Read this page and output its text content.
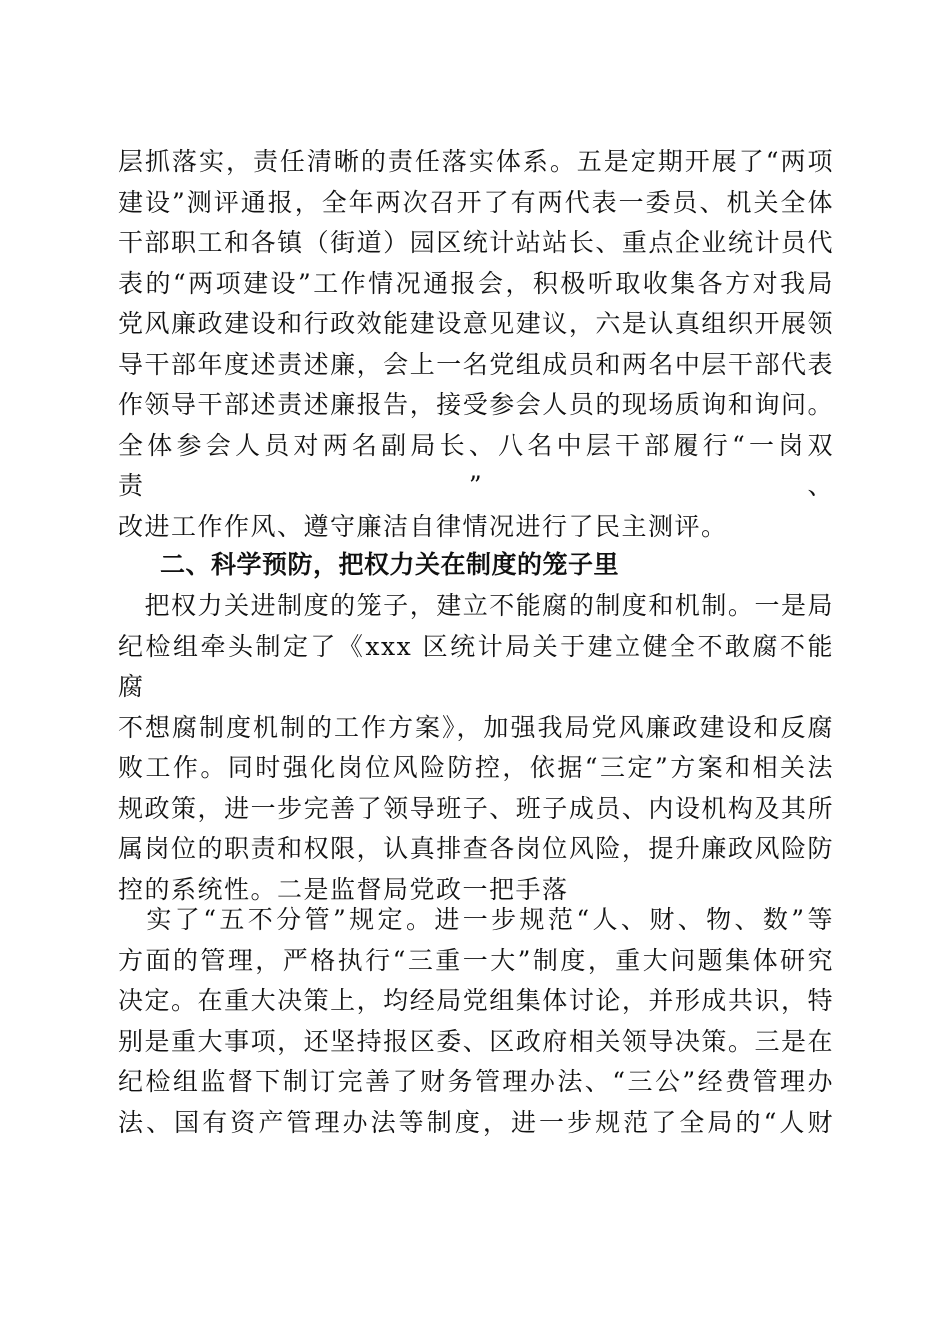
层抓落实，责任清晰的责任落实体系。五是定期开展了“两项
建设”测评通报，全年两次召开了有两代表一委员、机关全体
干部职工和各镇（街道）园区统计站站长、重点企业统计员代
表的“两项建设”工作情况通报会，积极听取收集各方对我局
党风廉政建设和行政效能建设意见建议，六是认真组织开展领
导干部年度述责述廉，会上一名党组成员和两名中层干部代表
作领导干部述责述廉报告，接受参会人员的现场质询和询问。
全体参会人员对两名副局长、八名中层干部履行“一岗双责”、
改进工作作风、遵守廉洁自律情况进行了民主测评。
二、科学预防，把权力关在制度的笼子里
　把权力关进制度的笼子，建立不能腐的制度和机制。一是局
纪检组牵头制定了《xxx 区统计局关于建立健全不敢腐不能腐
不想腐制度机制的工作方案》，加强我局党风廉政建设和反腐
败工作。同时强化岗位风险防控，依据“三定”方案和相关法
规政策，进一步完善了领导班子、班子成员、内设机构及其所
属岗位的职责和权限，认真排查各岗位风险，提升廉政风险防
控的系统性。二是监督局党政一把手落
　实了“五不分管”规定。进一步规范“人、财、物、数”等
方面的管理，严格执行“三重一大”制度，重大问题集体研究
决定。在重大决策上，均经局党组集体讨论，并形成共识，特
别是重大事项，还坚持报区委、区政府相关领导决策。三是在
纪检组监督下制订完善了财务管理办法、“三公”经费管理办
法、国有资产管理办法等制度，进一步规范了全局的“人财
